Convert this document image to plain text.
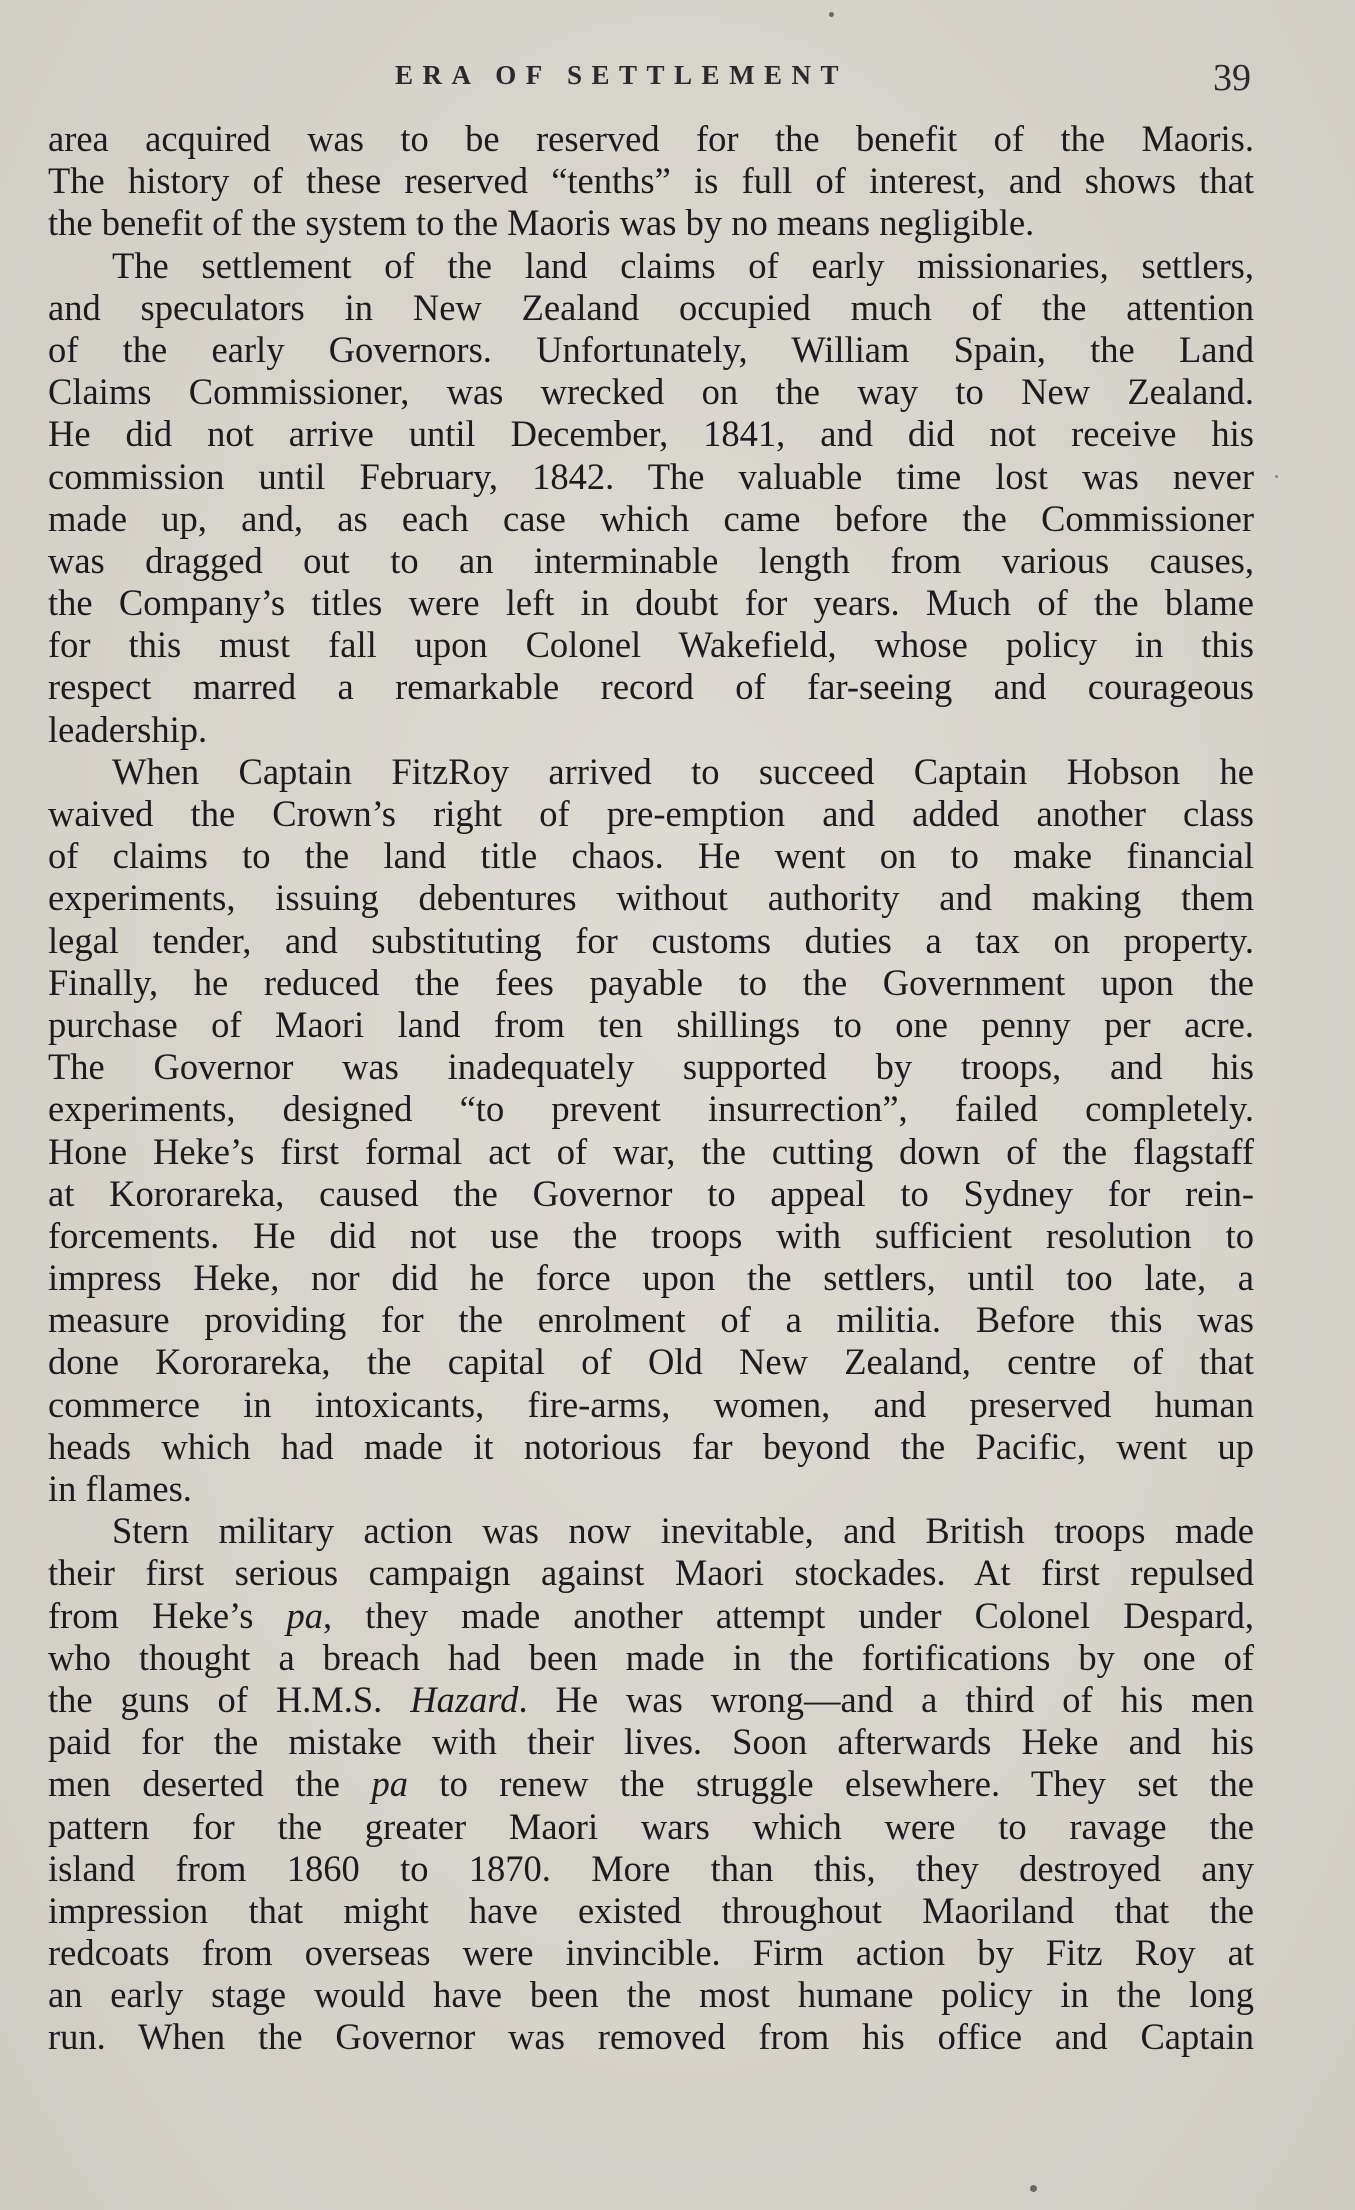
ERA OF SETTLEMENT	39
area acquired was to be reserved for the benefit of the Maoris.
The history of these reserved “tenths” is full of interest, and shows that
the benefit of the system to the Maoris was by no means negligible.
The settlement of the land claims of early missionaries, settlers,
and speculators in New Zealand occupied much of the attention
of the early Governors. Unfortunately, William Spain, the Land
Claims Commissioner, was wrecked on the way to New Zealand.
He did not arrive until December, 1841, and did not receive his
commission until February, 1842. The valuable time lost was never
made up, and, as each case which came before the Commissioner
was dragged out to an interminable length from various causes,
the Company’s titles were left in doubt for years. Much of the blame
for this must fall upon Colonel Wakefield, whose policy in this
respect marred a remarkable record of far-seeing and courageous
leadership.
When Captain FitzRoy arrived to succeed Captain Hobson he
waived the Crown’s right of pre-emption and added another class
of claims to the land title chaos. He went on to make financial
experiments, issuing debentures without authority and making them
legal tender, and substituting for customs duties a tax on property.
Finally, he reduced the fees payable to the Government upon the
purchase of Maori land from ten shillings to one penny per acre.
The Governor was inadequately supported by troops, and his
experiments, designed “to prevent insurrection”, failed completely.
Hone Heke’s first formal act of war, the cutting down of the flagstaff
at Kororareka, caused the Governor to appeal to Sydney for rein-
forcements. He did not use the troops with sufficient resolution to
impress Heke, nor did he force upon the settlers, until too late, a
measure providing for the enrolment of a militia. Before this was
done Kororareka, the capital of Old New Zealand, centre of that
commerce in intoxicants, fire-arms, women, and preserved human
heads which had made it notorious far beyond the Pacific, went up
in flames.
Stern military action was now inevitable, and British troops made
their first serious campaign against Maori stockades. At first repulsed
from Heke’s pa, they made another attempt under Colonel Despard,
who thought a breach had been made in the fortifications by one of
the guns of H.M.S. Hazard. He was wrong—and a third of his men
paid for the mistake with their lives. Soon afterwards Heke and his
men deserted the pa to renew the struggle elsewhere. They set the
pattern for the greater Maori wars which were to ravage the
island from 1860 to 1870. More than this, they destroyed any
impression that might have existed throughout Maoriland that the
redcoats from overseas were invincible. Firm action by Fitz Roy at
an early stage would have been the most humane policy in the long
run. When the Governor was removed from his office and Captain
